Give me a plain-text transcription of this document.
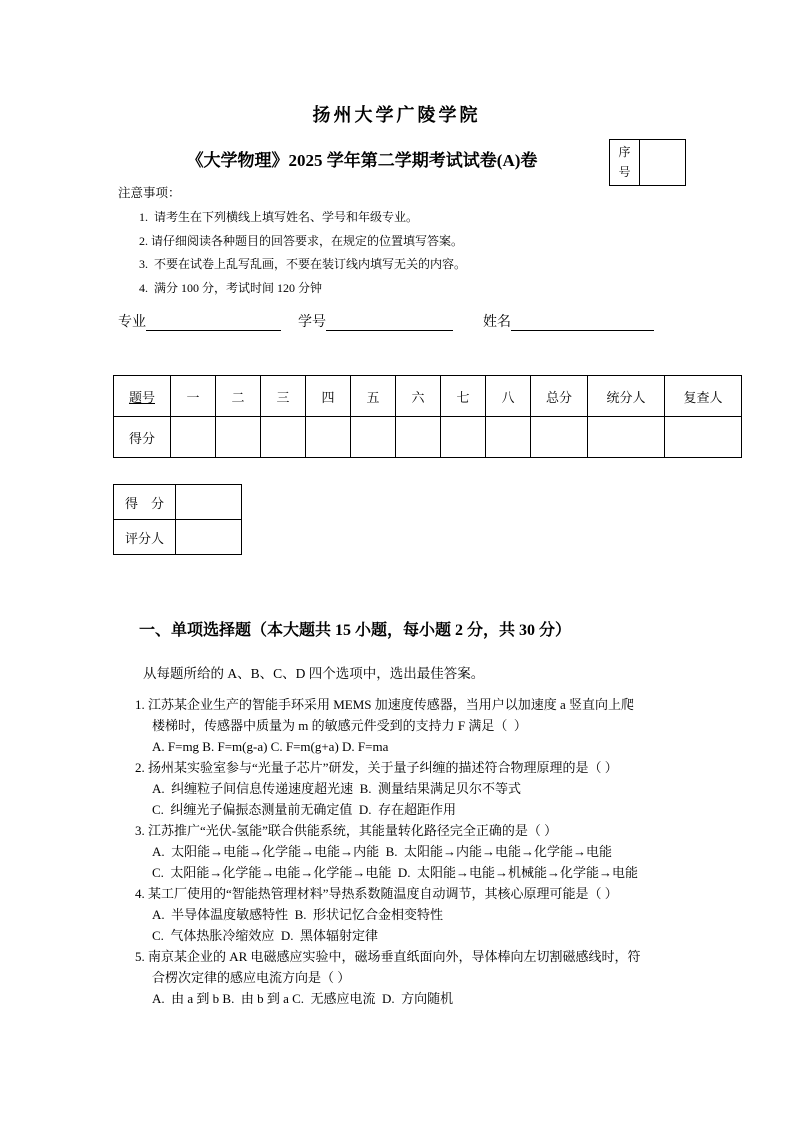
扬州大学广陵学院
《大学物理》2025 学年第二学期考试试卷(A)卷	序
号
注意事项：
1.  请考生在下列横线上填写姓名、学号和年级专业。
2. 请仔细阅读各种题目的回答要求，在规定的位置填写答案。
3.  不要在试卷上乱写乱画，不要在装订线内填写无关的内容。
4.  满分 100 分，考试时间 120 分钟
专业	学号	姓名
题号	一	二	三	四	五	六	七	八	总分	统分人	复查人
得分											
得　分	
评分人	
一、单项选择题（本大题共 15 小题，每小题 2 分，共 30 分）
从每题所给的 A、B、C、D 四个选项中，选出最佳答案。
1. 江苏某企业生产的智能手环采用 MEMS 加速度传感器，当用户以加速度 a 竖直向上爬
楼梯时，传感器中质量为 m 的敏感元件受到的支持力 F 满足（  ）
A. F=mg B. F=m(g-a) C. F=m(g+a) D. F=ma
2. 扬州某实验室参与“光量子芯片”研发，关于量子纠缠的描述符合物理原理的是（ ）
A.  纠缠粒子间信息传递速度超光速  B.  测量结果满足贝尔不等式
C.  纠缠光子偏振态测量前无确定值  D.  存在超距作用
3. 江苏推广“光伏-氢能”联合供能系统，其能量转化路径完全正确的是（ ）
A.  太阳能→电能→化学能→电能→内能  B.  太阳能→内能→电能→化学能→电能
C.  太阳能→化学能→电能→化学能→电能  D.  太阳能→电能→机械能→化学能→电能
4. 某工厂使用的“智能热管理材料”导热系数随温度自动调节，其核心原理可能是（ ）
A.  半导体温度敏感特性  B.  形状记忆合金相变特性
C.  气体热胀冷缩效应  D.  黑体辐射定律
5. 南京某企业的 AR 电磁感应实验中，磁场垂直纸面向外，导体棒向左切割磁感线时，符
合楞次定律的感应电流方向是（ ）
A.  由 a 到 b B.  由 b 到 a C.  无感应电流  D.  方向随机
